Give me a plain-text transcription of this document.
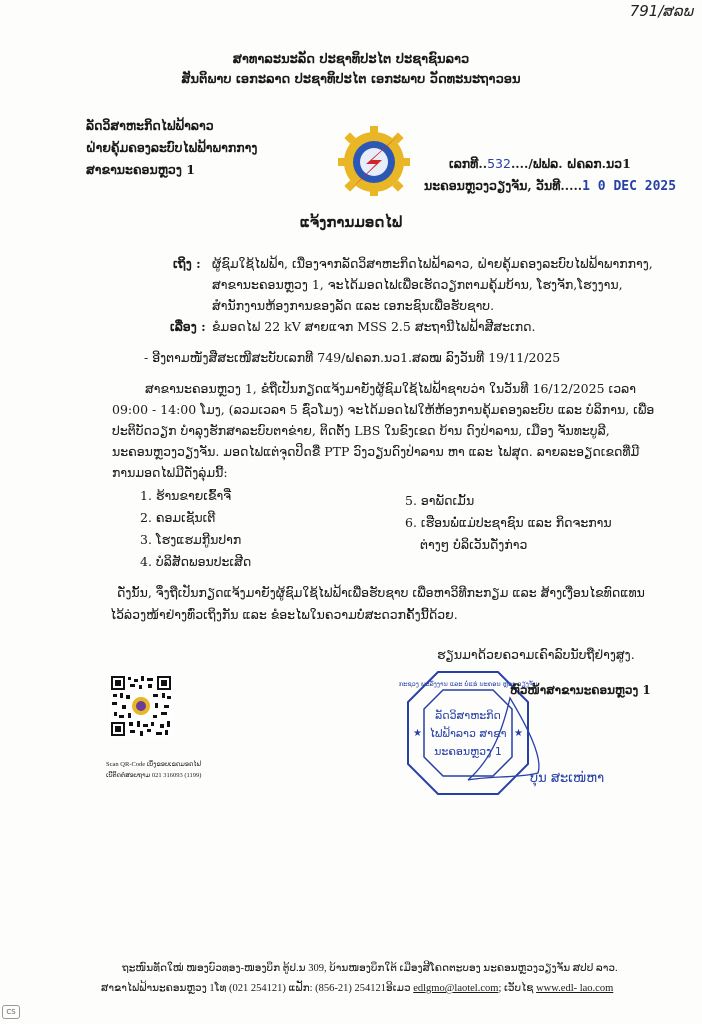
791/ສລພ
ສາທາລະນະລັດ ປະຊາທິປະໄຕ ປະຊາຊົນລາວ
ສັນຕິພາບ ເອກະລາດ ປະຊາທິປະໄຕ ເອກະພາບ ວັດທະນະຖາວອນ
ລັດວິສາຫະກິດໄຟຟ້າລາວ
ຝ່າຍຄຸ້ມຄອງລະບົບໄຟຟ້າພາກກາງ
ສາຂານະຄອນຫຼວງ 1	ເລກທີ..532..../ຟຟລ. ຝຄລກ.ນວ1
ນະຄອນຫຼວງວຽງຈັນ, ວັນທີ.....1 0 DEC 2025
ແຈ້ງການມອດໄຟ
ເຖິງ : ຜູ້ຊົມໃຊ້ໄຟຟ້າ, ເນື່ອງຈາກລັດວິສາຫະກິດໄຟຟ້າລາວ, ຝ່າຍຄຸ້ມຄອງລະບົບໄຟຟ້າພາກກາງ,
ສາຂານະຄອນຫຼວງ 1, ຈະໄດ້ມອດໄຟເພື່ອເຮັດວຽກຕາມຄຸ້ມບ້ານ, ໂຮງຈັກ,ໂຮງງານ,
ສຳນັກງານຫ້ອງການຂອງລັດ ແລະ ເອກະຊົນເພື່ອຮັບຊາບ.
ເລື່ອງ : ຂໍມອດໄຟ 22 kV ສາຍແຈກ MSS 2.5 ສະຖານີໄຟຟ້າສີສະເກດ.
- ອີງຕາມໜັງສືສະເໜີສະບັບເລກທີ 749/ຝຄລກ.ນວ1.ສລໝ ລົງວັນທີ 19/11/2025
ສາຂານະຄອນຫຼວງ 1, ຂໍຖືເປັນກຽດແຈ້ງມາຍັງຜູ້ຊົມໃຊ້ໄຟຟ້າຊາບວ່າ ໃນວັນທີ 16/12/2025 ເວລາ
09:00 - 14:00 ໂມງ, (ລວມເວລາ 5 ຊົ່ວໂມງ) ຈະໄດ້ມອດໄຟໃຫ້ຫ້ອງການຄຸ້ມຄອງລະບົບ ແລະ ບໍລິການ, ເພື່ອ
ປະຕິບັດວຽກ ບຳລຸງຮັກສາລະບົບຕາຂ່າຍ, ຕິດຕັ້ງ LBS ໃນຂົງເຂດ ບ້ານ ດົງປ່າລານ, ເມືອງ ຈັນທະບູລີ,
ນະຄອນຫຼວງວຽງຈັນ. ມອດໄຟແຕ່ຈຸດປິດຂື່ PTP ວົງວຽນດົງປ່າລານ ຫາ ແລະ ໄຟສຸດ. ລາຍລະອຽດເຂດທີ່ມີ
ການມອດໄຟມີດັ່ງລຸ່ມນີ້:
1. ຮ້ານຂາຍເຂົ້າຈີ່
2. ຄອມເຊັນເຕີ
3. ໂຮງແຮມກູີນປາກ
4. ບໍລິສັດພອນປະເສີດ
5. ອາພັດເມັ້ນ
6. ເຮືອນພໍ່ແມ່ປະຊາຊົນ ແລະ ກິດຈະການ
ຕ່າງໆ ບໍລິເວັນດັ່ງກ່າວ
ດັ່ງນັ້ນ, ຈຶ່ງຖືເປັນກຽດແຈ້ງມາຍັງຜູ້ຊົມໃຊ້ໄຟຟ້າເພື່ອຮັບຊາບ ເພື່ອຫາວິທີກະກຽມ ແລະ ສ້າງເງື່ອນໄຂທົດແທນ
ໄວ້ລ່ວງໜ້າຢ່າງທົ່ວເຖິງກັນ ແລະ ຂໍອະໄພໃນຄວາມບໍ່ສະດວກຄັ້ງນີ້ດ້ວຍ.
ຮຽນມາດ້ວຍຄວາມເຄົາລົບນັບຖືຢ່າງສູງ.
ລັດວິສາຫະກິດ
ໄຟຟ້າລາວ ສາຂາ
ນະຄອນຫຼວງ 1
ກະຊວງ ພະລັງງານ ແລະ ບໍ່ແຮ່ ນະຄອນ ຫຼວງ ວຽງຈັນ
★	★
ຫົວໜ້າສາຂານະຄອນຫຼວງ 1
ບຸນ ສະເໜ່ຫາ
Scan QR-Code ເບິ່ງຂອບເຂດມອດໄຟ
ເບີຕິດຕໍ່ສອບຖາມ 021 316093 (1199)
ຖະໜົນທັດໃໝ່ ໜອງບົວທອງ-ໜອງບຶກ ຕູ້ປ.ນ 309, ບ້ານໜອງບຶກໃຕ້ ເມືອງສີໂຄດຕະບອງ ນະຄອນຫຼວງວຽງຈັນ ສປປ ລາວ.
ສາຂາໄຟຟ້ານະຄອນຫຼວງ 1ໂທ (021 254121) ແຟັກ: (856-21) 254121ອີເມວ edlgmo@laotel.com; ເວັບໄຊ www.edl- lao.com
CS
